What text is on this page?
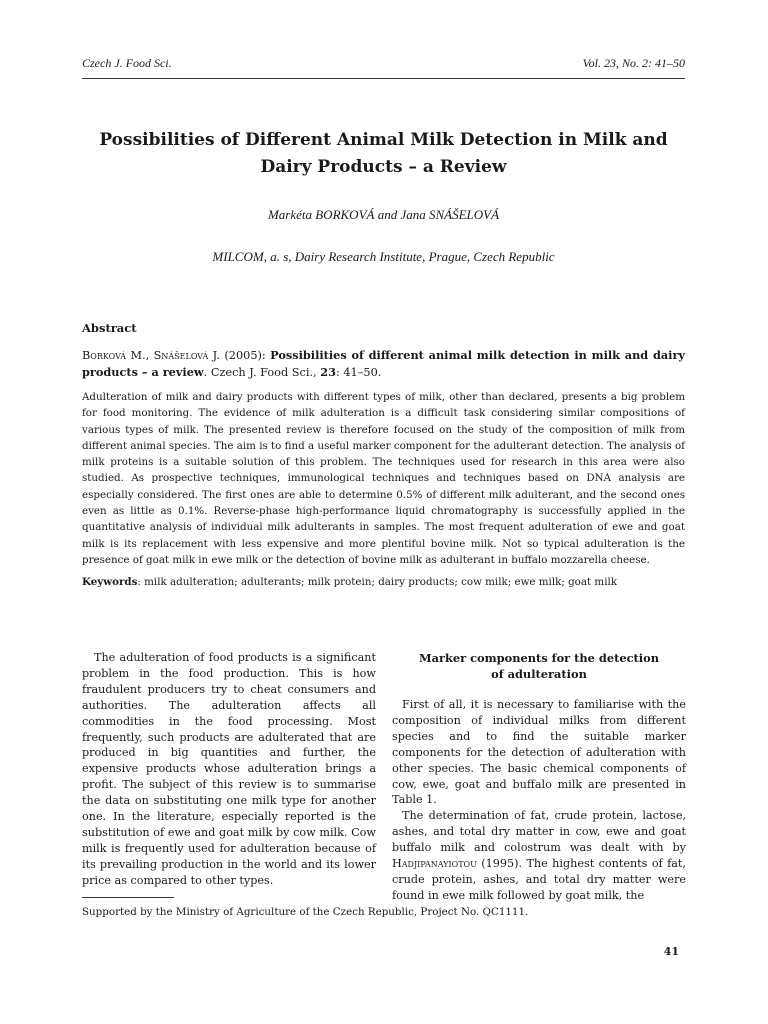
Czech J. Food Sci.	Vol. 23, No. 2: 41–50
Possibilities of Different Animal Milk Detection in Milk and Dairy Products – a Review
Markéta BORKOVÁ and Jana SNÁŠELOVÁ
MILCOM, a. s, Dairy Research Institute, Prague, Czech Republic
Abstract
Borková M., Snášelová J. (2005): Possibilities of different animal milk detection in milk and dairy products – a review. Czech J. Food Sci., 23: 41–50.
Adulteration of milk and dairy products with different types of milk, other than declared, presents a big problem for food monitoring. The evidence of milk adulteration is a difficult task considering similar compositions of various types of milk. The presented review is therefore focused on the study of the composition of milk from different animal species. The aim is to find a useful marker component for the adulterant detection. The analysis of milk proteins is a suitable solution of this problem. The techniques used for research in this area were also studied. As prospective techniques, immunological techniques and techniques based on DNA analysis are especially considered. The first ones are able to determine 0.5% of different milk adulterant, and the second ones even as little as 0.1%. Reverse-phase high-performance liquid chromatography is successfully applied in the quantitative analysis of individual milk adulterants in samples. The most frequent adulteration of ewe and goat milk is its replacement with less expensive and more plentiful bovine milk. Not so typical adulteration is the presence of goat milk in ewe milk or the detection of bovine milk as adulterant in buffalo mozzarella cheese.
Keywords: milk adulteration; adulterants; milk protein; dairy products; cow milk; ewe milk; goat milk
The adulteration of food products is a significant problem in the food production. This is how fraudulent producers try to cheat consumers and authorities. The adulteration affects all commodities in the food processing. Most frequently, such products are adulterated that are produced in big quantities and further, the expensive products whose adulteration brings a profit. The subject of this review is to summarise the data on substituting one milk type for another one. In the literature, especially reported is the substitution of ewe and goat milk by cow milk. Cow milk is frequently used for adulteration because of its prevailing production in the world and its lower price as compared to other types.
Marker components for the detection
of adulteration

First of all, it is necessary to familiarise with the composition of individual milks from different species and to find the suitable marker components for the detection of adulteration with other species. The basic chemical components of cow, ewe, goat and buffalo milk are presented in Table 1.

The determination of fat, crude protein, lactose, ashes, and total dry matter in cow, ewe and goat buffalo milk and colostrum was dealt with by Hadjipanayiotou (1995). The highest contents of fat, crude protein, ashes, and total dry matter were found in ewe milk followed by goat milk, the

Supported by the Ministry of Agriculture of the Czech Republic, Project No. QC1111.
41
